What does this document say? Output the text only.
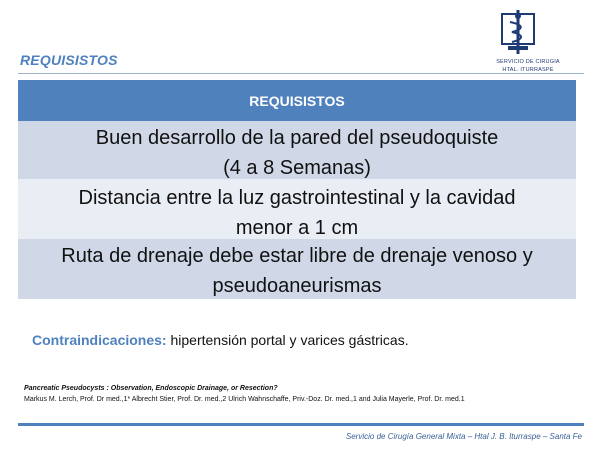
REQUISISTOS	SERVICIO DE CIRUGIA
HTAL. ITURRASPE
REQUISISTOS

Buen desarrollo de la pared del pseudoquiste
(4 a 8 Semanas)

Distancia entre la luz gastrointestinal y la cavidad
menor a 1 cm

Ruta de drenaje debe estar libre de drenaje venoso y
pseudoaneurismas
Contraindicaciones: hipertensión portal y varices gástricas.
Pancreatic Pseudocysts : Observation, Endoscopic Drainage, or Resection?
Markus M. Lerch, Prof. Dr med.,1* Albrecht Stier, Prof. Dr. med.,2 Ulrich Wahnschaffe, Priv.-Doz. Dr. med.,1 and Julia Mayerle, Prof. Dr. med.1
Servicio de Cirugía General Mixta – Htal J. B. Iturraspe – Santa Fe
